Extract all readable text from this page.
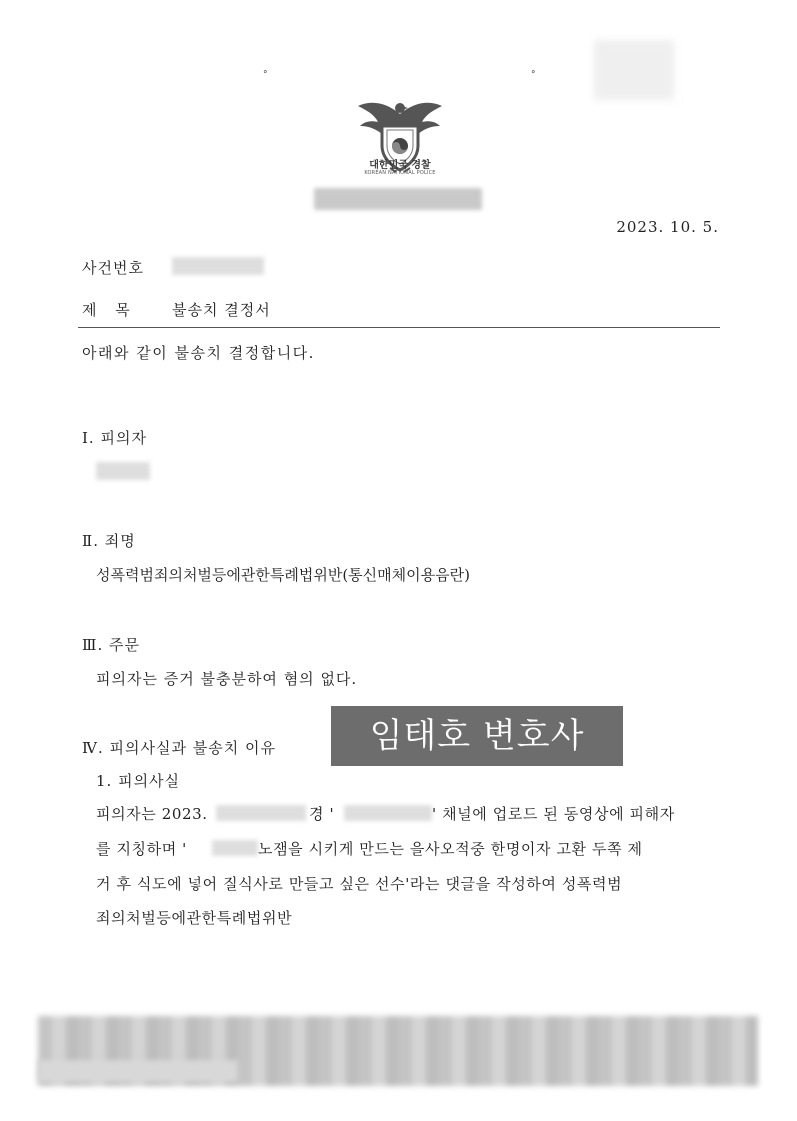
°	°
대한민국 경찰
KOREAN NATIONAL POLICE
2023. 10. 5.
사건번호
제 목	불송치 결정서
아래와 같이 불송치 결정합니다.
Ⅰ. 피의자
Ⅱ. 죄명
성폭력범죄의처벌등에관한특례법위반(통신매체이용음란)
Ⅲ. 주문
피의자는 증거 불충분하여 혐의 없다.
Ⅳ. 피의사실과 불송치 이유	임태호 변호사
1. 피의사실
피의자는 2023.	경 '	' 채널에 업로드 된 동영상에 피해자
를 지칭하며 '	노잼을 시키게 만드는 을사오적중 한명이자 고환 두쪽 제
거 후 식도에 넣어 질식사로 만들고 싶은 선수'라는 댓글을 작성하여 성폭력범
죄의처벌등에관한특례법위반
